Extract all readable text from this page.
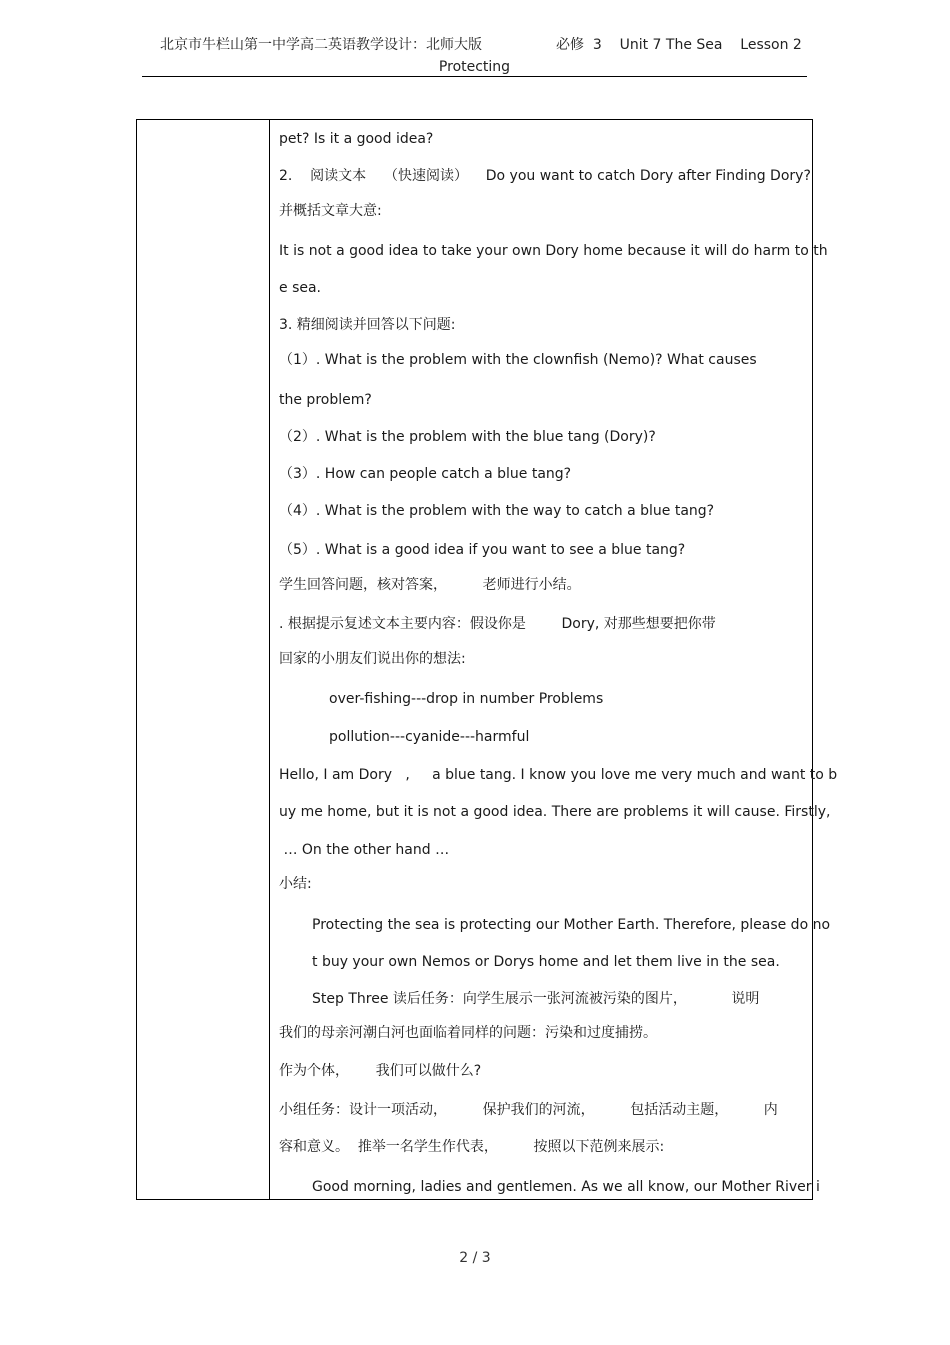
北京市牛栏山第一中学高二英语教学设计：北师大版	必修  3    Unit 7 The Sea    Lesson 2
Protecting
pet? Is it a good idea?
2.    阅读文本    （快速阅读）    Do you want to catch Dory after Finding Dory?
并概括文章大意:
It is not a good idea to take your own Dory home because it will do harm to th
e sea.
3. 精细阅读并回答以下问题:
（1）. What is the problem with the clownfish (Nemo)? What causes
the problem?
（2）. What is the problem with the blue tang (Dory)?
（3）. How can people catch a blue tang?
（4）. What is the problem with the way to catch a blue tang?
（5）. What is a good idea if you want to see a blue tang?
学生回答问题，核对答案，        老师进行小结。
. 根据提示复述文本主要内容：假设你是        Dory, 对那些想要把你带
回家的小朋友们说出你的想法:
over-fishing---drop in number Problems
pollution---cyanide---harmful
Hello, I am Dory   ,     a blue tang. I know you love me very much and want to b
uy me home, but it is not a good idea. There are problems it will cause. Firstly,
… On the other hand …
小结:
Protecting the sea is protecting our Mother Earth. Therefore, please do no
t buy your own Nemos or Dorys home and let them live in the sea.
Step Three 读后任务：向学生展示一张河流被污染的图片，          说明
我们的母亲河潮白河也面临着同样的问题：污染和过度捕捞。
作为个体，      我们可以做什么?
小组任务：设计一项活动，        保护我们的河流，        包括活动主题，        内
容和意义。  推举一名学生作代表，        按照以下范例来展示:
Good morning, ladies and gentlemen. As we all know, our Mother River i
2 / 3
